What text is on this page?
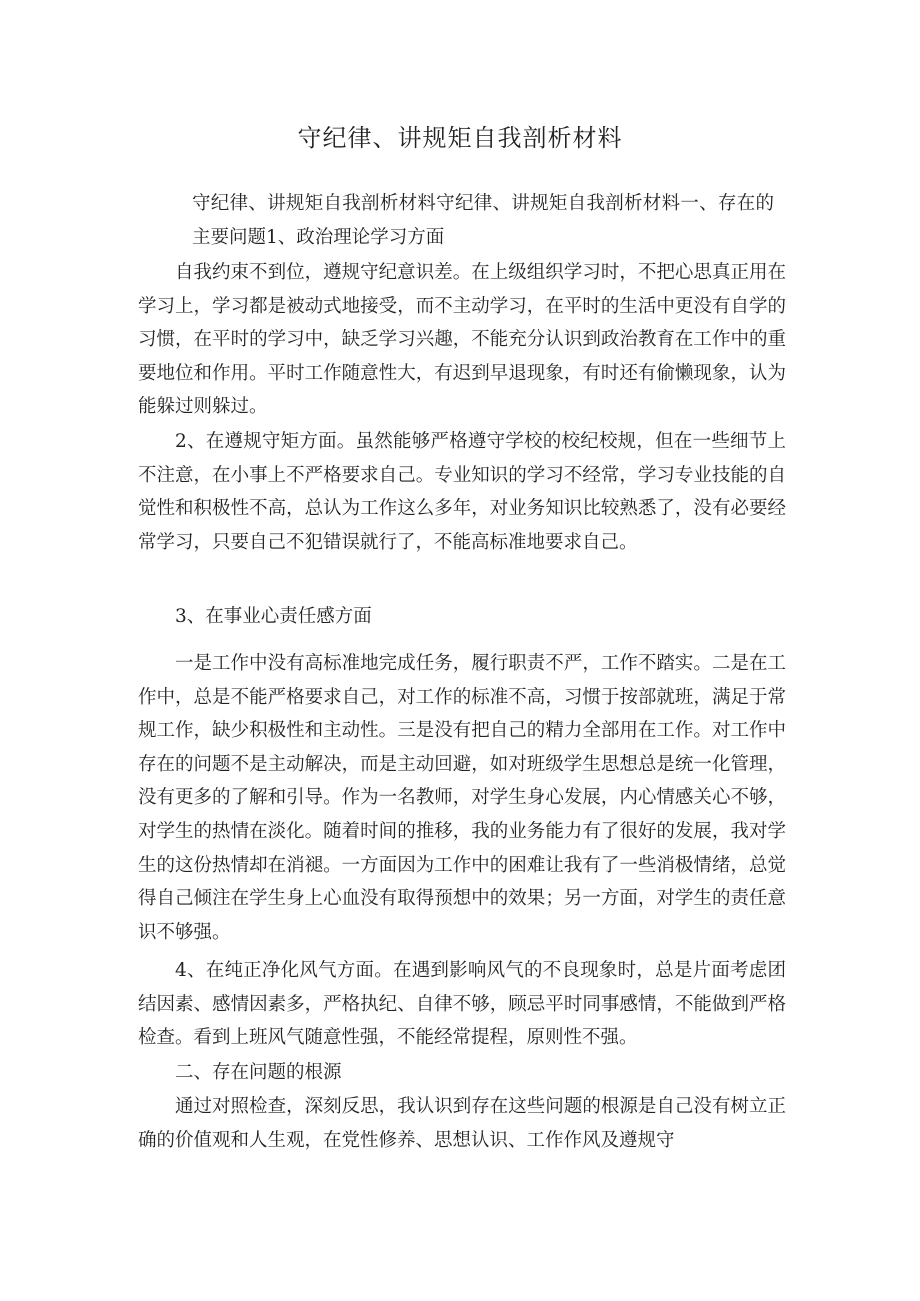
守纪律、讲规矩自我剖析材料

守纪律、讲规矩自我剖析材料守纪律、讲规矩自我剖析材料一、存在的主要问题1、政治理论学习方面

自我约束不到位，遵规守纪意识差。在上级组织学习时，不把心思真正用在学习上，学习都是被动式地接受，而不主动学习，在平时的生活中更没有自学的习惯，在平时的学习中，缺乏学习兴趣，不能充分认识到政治教育在工作中的重要地位和作用。平时工作随意性大，有迟到早退现象，有时还有偷懒现象，认为能躲过则躲过。

2、在遵规守矩方面。虽然能够严格遵守学校的校纪校规，但在一些细节上不注意，在小事上不严格要求自己。专业知识的学习不经常，学习专业技能的自觉性和积极性不高，总认为工作这么多年，对业务知识比较熟悉了，没有必要经常学习，只要自己不犯错误就行了，不能高标准地要求自己。

3、在事业心责任感方面

一是工作中没有高标准地完成任务，履行职责不严，工作不踏实。二是在工作中，总是不能严格要求自己，对工作的标准不高，习惯于按部就班，满足于常规工作，缺少积极性和主动性。三是没有把自己的精力全部用在工作。对工作中存在的问题不是主动解决，而是主动回避，如对班级学生思想总是统一化管理，没有更多的了解和引导。作为一名教师，对学生身心发展，内心情感关心不够，对学生的热情在淡化。随着时间的推移，我的业务能力有了很好的发展，我对学生的这份热情却在消褪。一方面因为工作中的困难让我有了一些消极情绪，总觉得自己倾注在学生身上心血没有取得预想中的效果；另一方面，对学生的责任意识不够强。

4、在纯正净化风气方面。在遇到影响风气的不良现象时，总是片面考虑团结因素、感情因素多，严格执纪、自律不够，顾忌平时同事感情，不能做到严格检查。看到上班风气随意性强，不能经常提程，原则性不强。

二、存在问题的根源

通过对照检查，深刻反思，我认识到存在这些问题的根源是自己没有树立正确的价值观和人生观，在党性修养、思想认识、工作作风及遵规守
